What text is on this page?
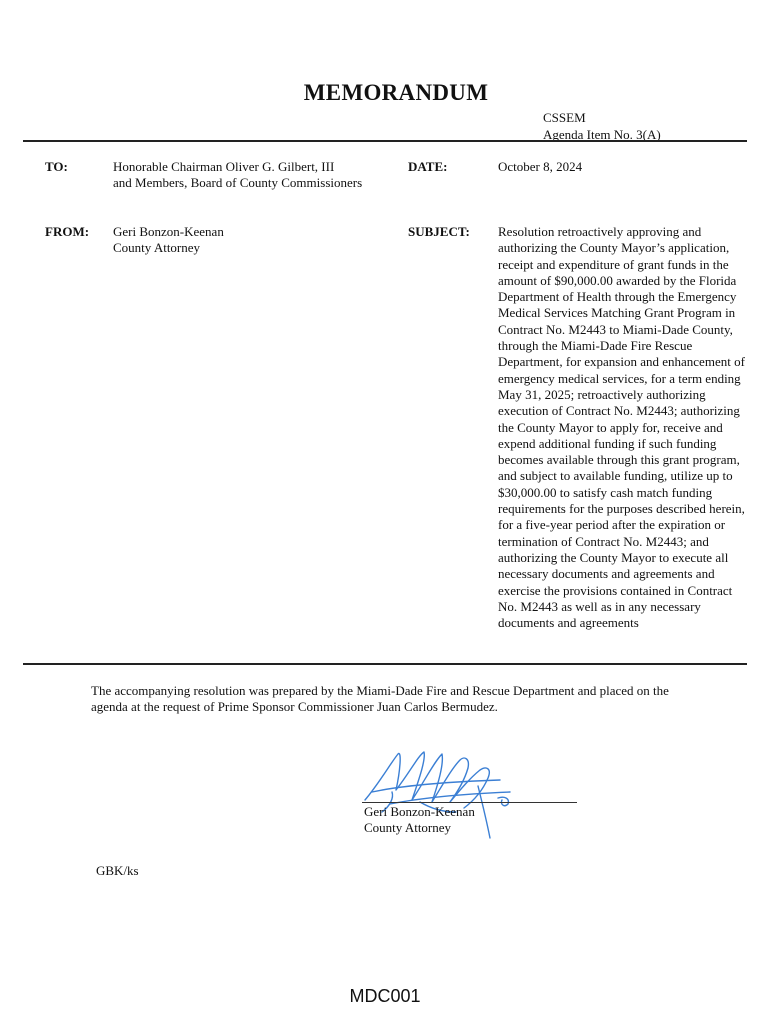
MEMORANDUM
CSSEM
Agenda Item No. 3(A)
TO:	Honorable Chairman Oliver G. Gilbert, III
and Members, Board of County Commissioners
DATE:	October 8, 2024
FROM: Geri Bonzon-Keenan
County Attorney
SUBJECT: Resolution retroactively approving and authorizing the County Mayor’s application, receipt and expenditure of grant funds in the amount of $90,000.00 awarded by the Florida Department of Health through the Emergency Medical Services Matching Grant Program in Contract No. M2443 to Miami-Dade County, through the Miami-Dade Fire Rescue Department, for expansion and enhancement of emergency medical services, for a term ending May 31, 2025; retroactively authorizing execution of Contract No. M2443; authorizing the County Mayor to apply for, receive and expend additional funding if such funding becomes available through this grant program, and subject to available funding, utilize up to $30,000.00 to satisfy cash match funding requirements for the purposes described herein, for a five-year period after the expiration or termination of Contract No. M2443; and authorizing the County Mayor to execute all necessary documents and agreements and exercise the provisions contained in Contract No. M2443 as well as in any necessary documents and agreements
The accompanying resolution was prepared by the Miami-Dade Fire and Rescue Department and placed on the agenda at the request of Prime Sponsor Commissioner Juan Carlos Bermudez.
Geri Bonzon-Keenan
County Attorney
GBK/ks
MDC001
